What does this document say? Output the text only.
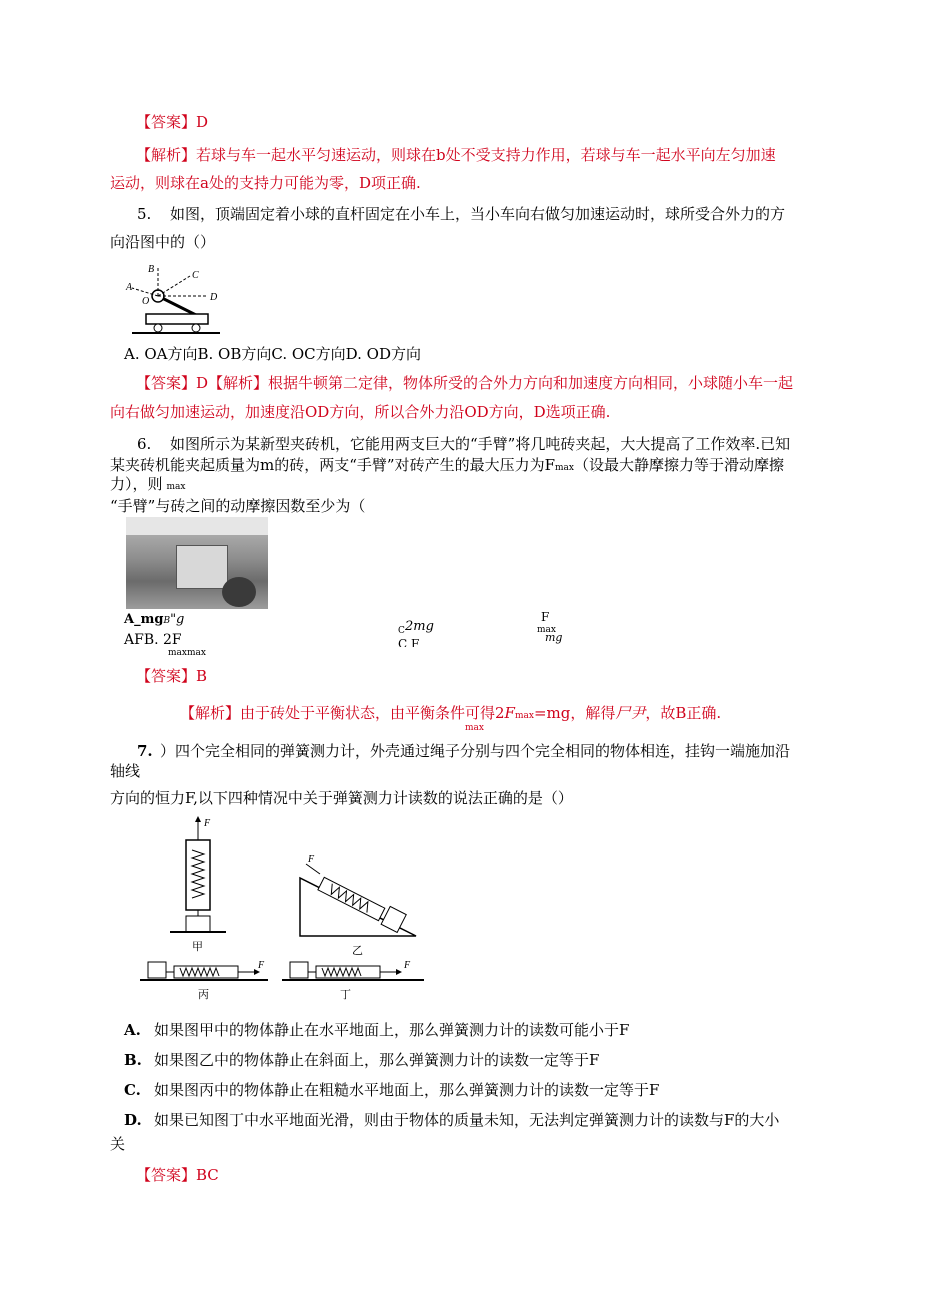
【答案】D
【解析】若球与车一起水平匀速运动，则球在b处不受支持力作用，若球与车一起水平向左匀加速
运动，则球在a处的支持力可能为零，D项正确.
5. 如图，顶端固定着小球的直杆固定在小车上，当小车向右做匀加速运动时，球所受合外力的方
向沿图中的（）
A
B
C
D
O
A. OA方向B. OB方向C. OC方向D. OD方向
【答案】D【解析】根据牛顿第二定律，物体所受的合外力方向和加速度方向相同，小球随小车一起
向右做匀加速运动，加速度沿OD方向，所以合外力沿OD方向，D选项正确.
6. 如图所示为某新型夹砖机，它能用两支巨大的“手臂”将几吨砖夹起，大大提高了工作效率.已知
某夹砖机能夹起质量为m的砖，两支“手臂”对砖产生的最大压力为Fmax（设最大静摩擦力等于滑动摩擦
力），则 max
“手臂”与砖之间的动摩擦因数至少为（
A_mgB"g
AFB. 2F
maxmax
C 2mg
C F
F
max
mg
【答案】B
【解析】由于砖处于平衡状态，由平衡条件可得2Fmax=mg，解得尸尹，故B正确.
max
7. ）四个完全相同的弹簧测力计，外壳通过绳子分别与四个完全相同的物体相连，挂钩一端施加沿
轴线
方向的恒力F,以下四种情况中关于弹簧测力计读数的说法正确的是（）
F
甲
F
乙
F
丙
F
丁
A. 如果图甲中的物体静止在水平地面上，那么弹簧测力计的读数可能小于F
B. 如果图乙中的物体静止在斜面上，那么弹簧测力计的读数一定等于F
C. 如果图丙中的物体静止在粗糙水平地面上，那么弹簧测力计的读数一定等于F
D. 如果已知图丁中水平地面光滑，则由于物体的质量未知，无法判定弹簧测力计的读数与F的大小
关
【答案】BC
